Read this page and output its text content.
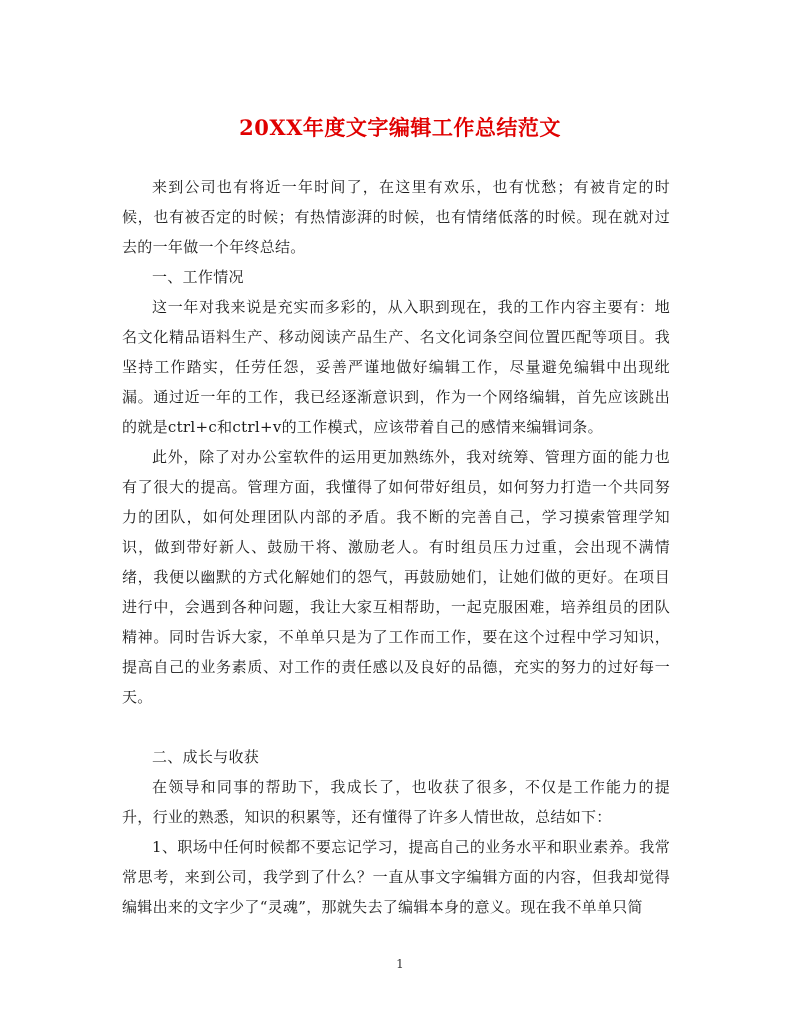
20XX年度文字编辑工作总结范文

来到公司也有将近一年时间了，在这里有欢乐，也有忧愁；有被肯定的时候，也有被否定的时候；有热情澎湃的时候，也有情绪低落的时候。现在就对过去的一年做一个年终总结。

一、工作情况

这一年对我来说是充实而多彩的，从入职到现在，我的工作内容主要有：地名文化精品语料生产、移动阅读产品生产、名文化词条空间位置匹配等项目。我坚持工作踏实，任劳任怨，妥善严谨地做好编辑工作，尽量避免编辑中出现纰漏。通过近一年的工作，我已经逐渐意识到，作为一个网络编辑，首先应该跳出的就是ctrl+c和ctrl+v的工作模式，应该带着自己的感情来编辑词条。

此外，除了对办公室软件的运用更加熟练外，我对统筹、管理方面的能力也有了很大的提高。管理方面，我懂得了如何带好组员，如何努力打造一个共同努力的团队，如何处理团队内部的矛盾。我不断的完善自己，学习摸索管理学知识，做到带好新人、鼓励干将、激励老人。有时组员压力过重，会出现不满情绪，我便以幽默的方式化解她们的怨气，再鼓励她们，让她们做的更好。在项目进行中，会遇到各种问题，我让大家互相帮助，一起克服困难，培养组员的团队精神。同时告诉大家，不单单只是为了工作而工作，要在这个过程中学习知识，提高自己的业务素质、对工作的责任感以及良好的品德，充实的努力的过好每一天。

二、成长与收获

在领导和同事的帮助下，我成长了，也收获了很多，不仅是工作能力的提升，行业的熟悉，知识的积累等，还有懂得了许多人情世故，总结如下：

1、职场中任何时候都不要忘记学习，提高自己的业务水平和职业素养。我常常思考，来到公司，我学到了什么？一直从事文字编辑方面的内容，但我却觉得编辑出来的文字少了“灵魂”，那就失去了编辑本身的意义。现在我不单单只简

1
